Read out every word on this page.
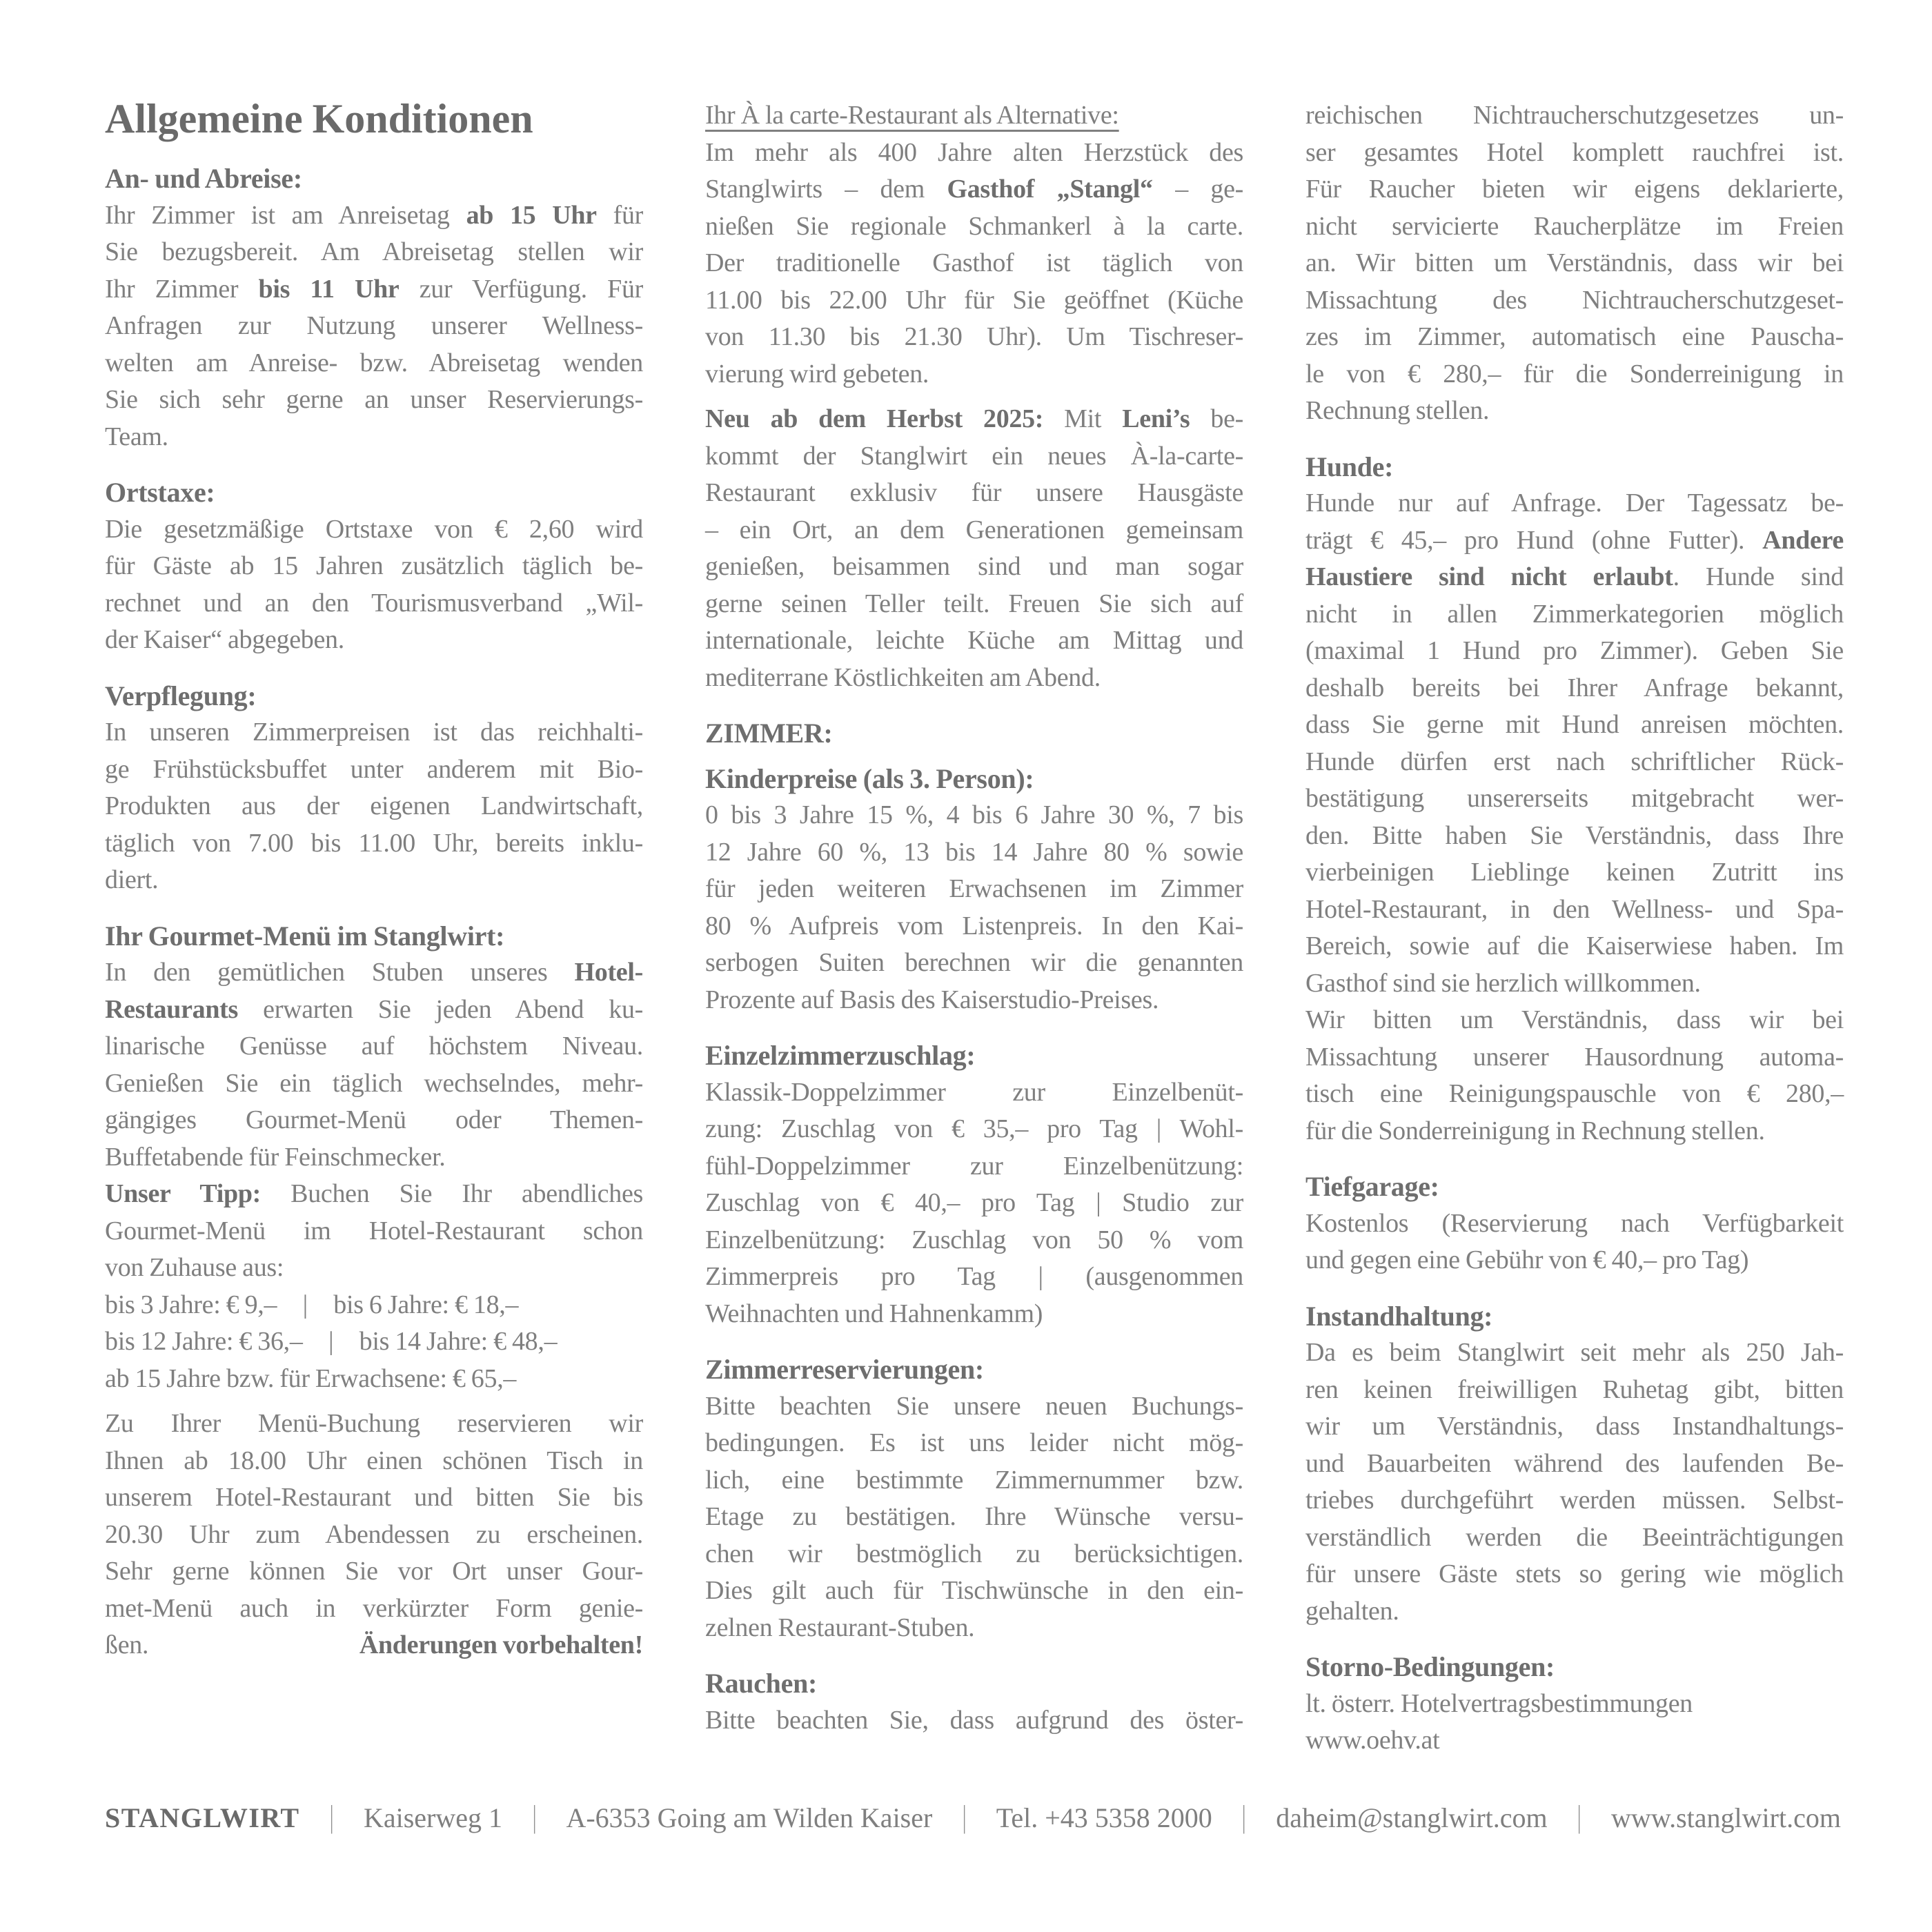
Allgemeine Konditionen
An- und Abreise:
Ihr Zimmer ist am Anreisetag ab 15 Uhr für
Sie bezugsbereit. Am Abreisetag stellen wir
Ihr Zimmer bis 11 Uhr zur Verfügung. Für
Anfragen zur Nutzung unserer Wellness-
welten am Anreise- bzw. Abreisetag wenden
Sie sich sehr gerne an unser Reservierungs-
Team.
Ortstaxe:
Die gesetzmäßige Ortstaxe von € 2,60 wird
für Gäste ab 15 Jahren zusätzlich täglich be-
rechnet und an den Tourismusverband „Wil-
der Kaiser“ abgegeben.
Verpflegung:
In unseren Zimmerpreisen ist das reichhalti-
ge Frühstücksbuffet unter anderem mit Bio-
Produkten aus der eigenen Landwirtschaft,
täglich von 7.00 bis 11.00 Uhr, bereits inklu-
diert.
Ihr Gourmet-Menü im Stanglwirt:
In den gemütlichen Stuben unseres Hotel-
Restaurants erwarten Sie jeden Abend ku-
linarische Genüsse auf höchstem Niveau.
Genießen Sie ein täglich wechselndes, mehr-
gängiges Gourmet-Menü oder Themen-
Buffetabende für Feinschmecker.
Unser Tipp: Buchen Sie Ihr abendliches
Gourmet-Menü im Hotel-Restaurant schon
von Zuhause aus:
bis 3 Jahre: € 9,–  |  bis 6 Jahre: € 18,–
bis 12 Jahre: € 36,–  |  bis 14 Jahre: € 48,–
ab 15 Jahre bzw. für Erwachsene: € 65,–
Zu Ihrer Menü-Buchung reservieren wir
Ihnen ab 18.00 Uhr einen schönen Tisch in
unserem Hotel-Restaurant und bitten Sie bis
20.30 Uhr zum Abendessen zu erscheinen.
Sehr gerne können Sie vor Ort unser Gour-
met-Menü auch in verkürzter Form genie-
ßen.	Änderungen vorbehalten!
Ihr À la carte-Restaurant als Alternative:
Im mehr als 400 Jahre alten Herzstück des
Stanglwirts – dem Gasthof „Stangl“ – ge-
nießen Sie regionale Schmankerl à la carte.
Der traditionelle Gasthof ist täglich von
11.00 bis 22.00 Uhr für Sie geöffnet (Küche
von 11.30 bis 21.30 Uhr). Um Tischreser-
vierung wird gebeten.
Neu ab dem Herbst 2025: Mit Leni’s be-
kommt der Stanglwirt ein neues À-la-carte-
Restaurant exklusiv für unsere Hausgäste
– ein Ort, an dem Generationen gemeinsam
genießen, beisammen sind und man sogar
gerne seinen Teller teilt. Freuen Sie sich auf
internationale, leichte Küche am Mittag und
mediterrane Köstlichkeiten am Abend.
ZIMMER:
Kinderpreise (als 3. Person):
0 bis 3 Jahre 15 %, 4 bis 6 Jahre 30 %, 7 bis
12 Jahre 60 %, 13 bis 14 Jahre 80 % sowie
für jeden weiteren Erwachsenen im Zimmer
80 % Aufpreis vom Listenpreis. In den Kai-
serbogen Suiten berechnen wir die genannten
Prozente auf Basis des Kaiserstudio-Preises.
Einzelzimmerzuschlag:
Klassik-Doppelzimmer zur Einzelbenüt-
zung: Zuschlag von € 35,– pro Tag | Wohl-
fühl-Doppelzimmer zur Einzelbenützung:
Zuschlag von € 40,– pro Tag | Studio zur
Einzelbenützung: Zuschlag von 50 % vom
Zimmerpreis pro Tag | (ausgenommen
Weihnachten und Hahnenkamm)
Zimmerreservierungen:
Bitte beachten Sie unsere neuen Buchungs-
bedingungen. Es ist uns leider nicht mög-
lich, eine bestimmte Zimmernummer bzw.
Etage zu bestätigen. Ihre Wünsche versu-
chen wir bestmöglich zu berücksichtigen.
Dies gilt auch für Tischwünsche in den ein-
zelnen Restaurant-Stuben.
Rauchen:
Bitte beachten Sie, dass aufgrund des öster-
reichischen Nichtraucherschutzgesetzes un-
ser gesamtes Hotel komplett rauchfrei ist.
Für Raucher bieten wir eigens deklarierte,
nicht servicierte Raucherplätze im Freien
an. Wir bitten um Verständnis, dass wir bei
Missachtung des Nichtraucherschutzgeset-
zes im Zimmer, automatisch eine Pauscha-
le von € 280,– für die Sonderreinigung in
Rechnung stellen.
Hunde:
Hunde nur auf Anfrage. Der Tagessatz be-
trägt € 45,– pro Hund (ohne Futter). Andere
Haustiere sind nicht erlaubt. Hunde sind
nicht in allen Zimmerkategorien möglich
(maximal 1 Hund pro Zimmer). Geben Sie
deshalb bereits bei Ihrer Anfrage bekannt,
dass Sie gerne mit Hund anreisen möchten.
Hunde dürfen erst nach schriftlicher Rück-
bestätigung unsererseits mitgebracht wer-
den. Bitte haben Sie Verständnis, dass Ihre
vierbeinigen Lieblinge keinen Zutritt ins
Hotel-Restaurant, in den Wellness- und Spa-
Bereich, sowie auf die Kaiserwiese haben. Im
Gasthof sind sie herzlich willkommen.
Wir bitten um Verständnis, dass wir bei
Missachtung unserer Hausordnung automa-
tisch eine Reinigungspauschle von € 280,–
für die Sonderreinigung in Rechnung stellen.
Tiefgarage:
Kostenlos (Reservierung nach Verfügbarkeit
und gegen eine Gebühr von € 40,– pro Tag)
Instandhaltung:
Da es beim Stanglwirt seit mehr als 250 Jah-
ren keinen freiwilligen Ruhetag gibt, bitten
wir um Verständnis, dass Instandhaltungs-
und Bauarbeiten während des laufenden Be-
triebes durchgeführt werden müssen. Selbst-
verständlich werden die Beeinträchtigungen
für unsere Gäste stets so gering wie möglich
gehalten.
Storno-Bedingungen:
lt. österr. Hotelvertragsbestimmungen
www.oehv.at
STANGLWIRT | Kaiserweg 1 | A-6353 Going am Wilden Kaiser | Tel. +43 5358 2000 | daheim@stanglwirt.com | www.stanglwirt.com
